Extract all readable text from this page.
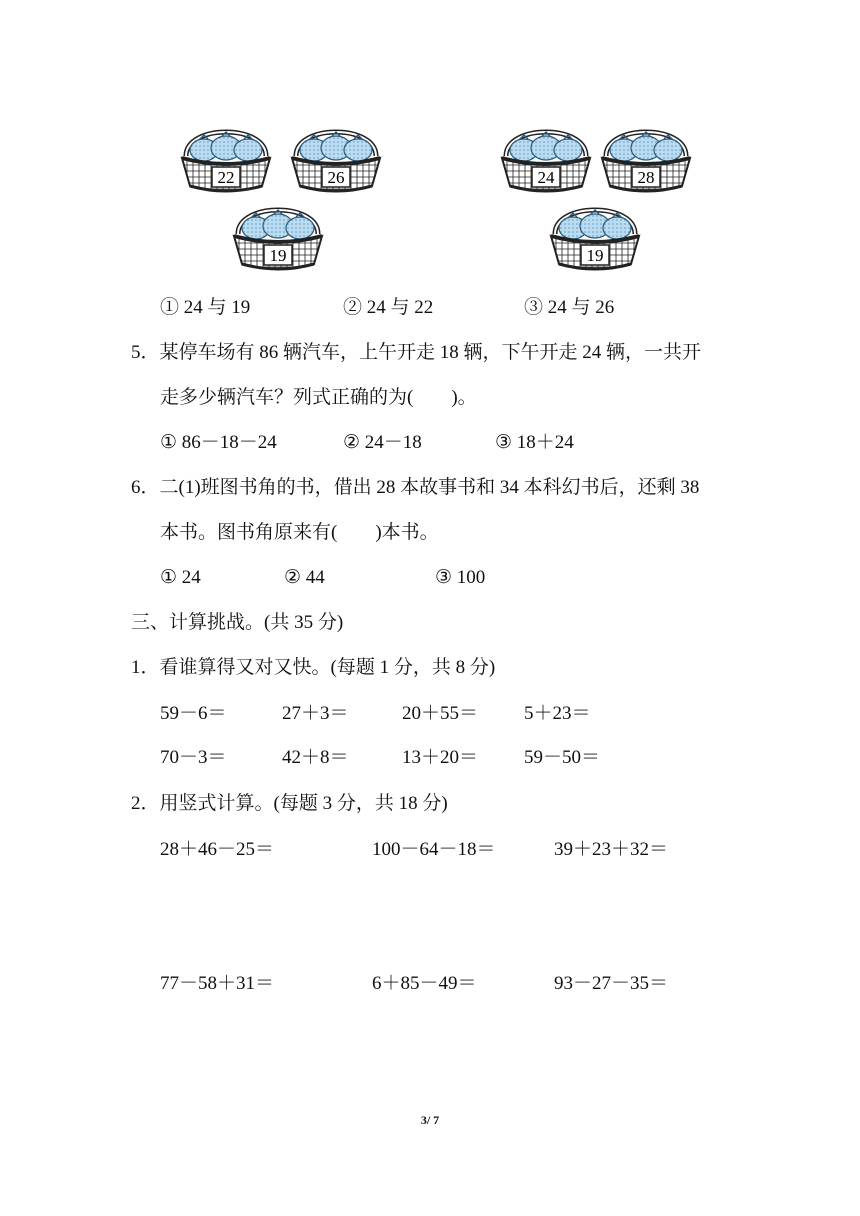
22	26
19
24	28
19
① 24 与 19	② 24 与 22	③ 24 与 26
5．某停车场有 86 辆汽车，上午开走 18 辆，下午开走 24 辆，一共开
走多少辆汽车？列式正确的为(　　)。
① 86－18－24	② 24－18	③ 18＋24
6．二(1)班图书角的书，借出 28 本故事书和 34 本科幻书后，还剩 38
本书。图书角原来有(　　)本书。
① 24	② 44	③ 100
三、计算挑战。(共 35 分)
1．看谁算得又对又快。(每题 1 分，共 8 分)
59－6＝	27＋3＝	20＋55＝ 5＋23＝
70－3＝	42＋8＝	13＋20＝ 59－50＝
2．用竖式计算。(每题 3 分，共 18 分)
28＋46－25＝	100－64－18＝	39＋23＋32＝
77－58＋31＝	6＋85－49＝	93－27－35＝
3/ 7
